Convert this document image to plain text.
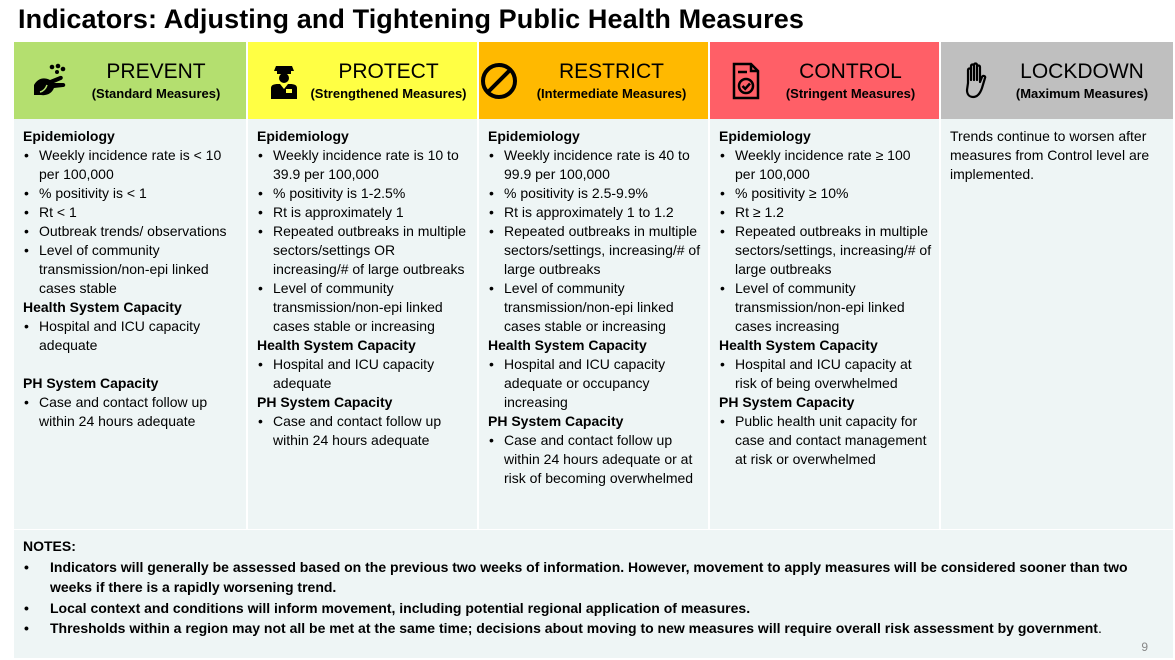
Indicators: Adjusting and Tightening Public Health Measures
PREVENT
(Standard Measures)
PROTECT
(Strengthened Measures)
RESTRICT
(Intermediate Measures)
CONTROL
(Stringent Measures)
LOCKDOWN
(Maximum Measures)
Epidemiology
• Weekly incidence rate is < 10 per 100,000
• % positivity is < 1
• Rt < 1
• Outbreak trends/ observations
• Level of community transmission/non-epi linked cases stable
Health System Capacity
• Hospital and ICU capacity adequate
PH System Capacity
• Case and contact follow up within 24 hours adequate
Epidemiology
• Weekly incidence rate is 10 to 39.9 per 100,000
• % positivity is 1-2.5%
• Rt is approximately 1
• Repeated outbreaks in multiple sectors/settings OR increasing/# of large outbreaks
• Level of community transmission/non-epi linked cases stable or increasing
Health System Capacity
• Hospital and ICU capacity adequate
PH System Capacity
• Case and contact follow up within 24 hours adequate
Epidemiology
• Weekly incidence rate is 40 to 99.9 per 100,000
• % positivity is 2.5-9.9%
• Rt is approximately 1 to 1.2
• Repeated outbreaks in multiple sectors/settings, increasing/# of large outbreaks
• Level of community transmission/non-epi linked cases stable or increasing
Health System Capacity
• Hospital and ICU capacity adequate or occupancy increasing
PH System Capacity
• Case and contact follow up within 24 hours adequate or at risk of becoming overwhelmed
Epidemiology
• Weekly incidence rate ≥ 100 per 100,000
• % positivity ≥ 10%
• Rt ≥ 1.2
• Repeated outbreaks in multiple sectors/settings, increasing/# of large outbreaks
• Level of community transmission/non-epi linked cases increasing
Health System Capacity
• Hospital and ICU capacity at risk of being overwhelmed
PH System Capacity
• Public health unit capacity for case and contact management at risk or overwhelmed
Trends continue to worsen after measures from Control level are implemented.
NOTES:
• Indicators will generally be assessed based on the previous two weeks of information. However, movement to apply measures will be considered sooner than two weeks if there is a rapidly worsening trend.
• Local context and conditions will inform movement, including potential regional application of measures.
• Thresholds within a region may not all be met at the same time; decisions about moving to new measures will require overall risk assessment by government.
9
